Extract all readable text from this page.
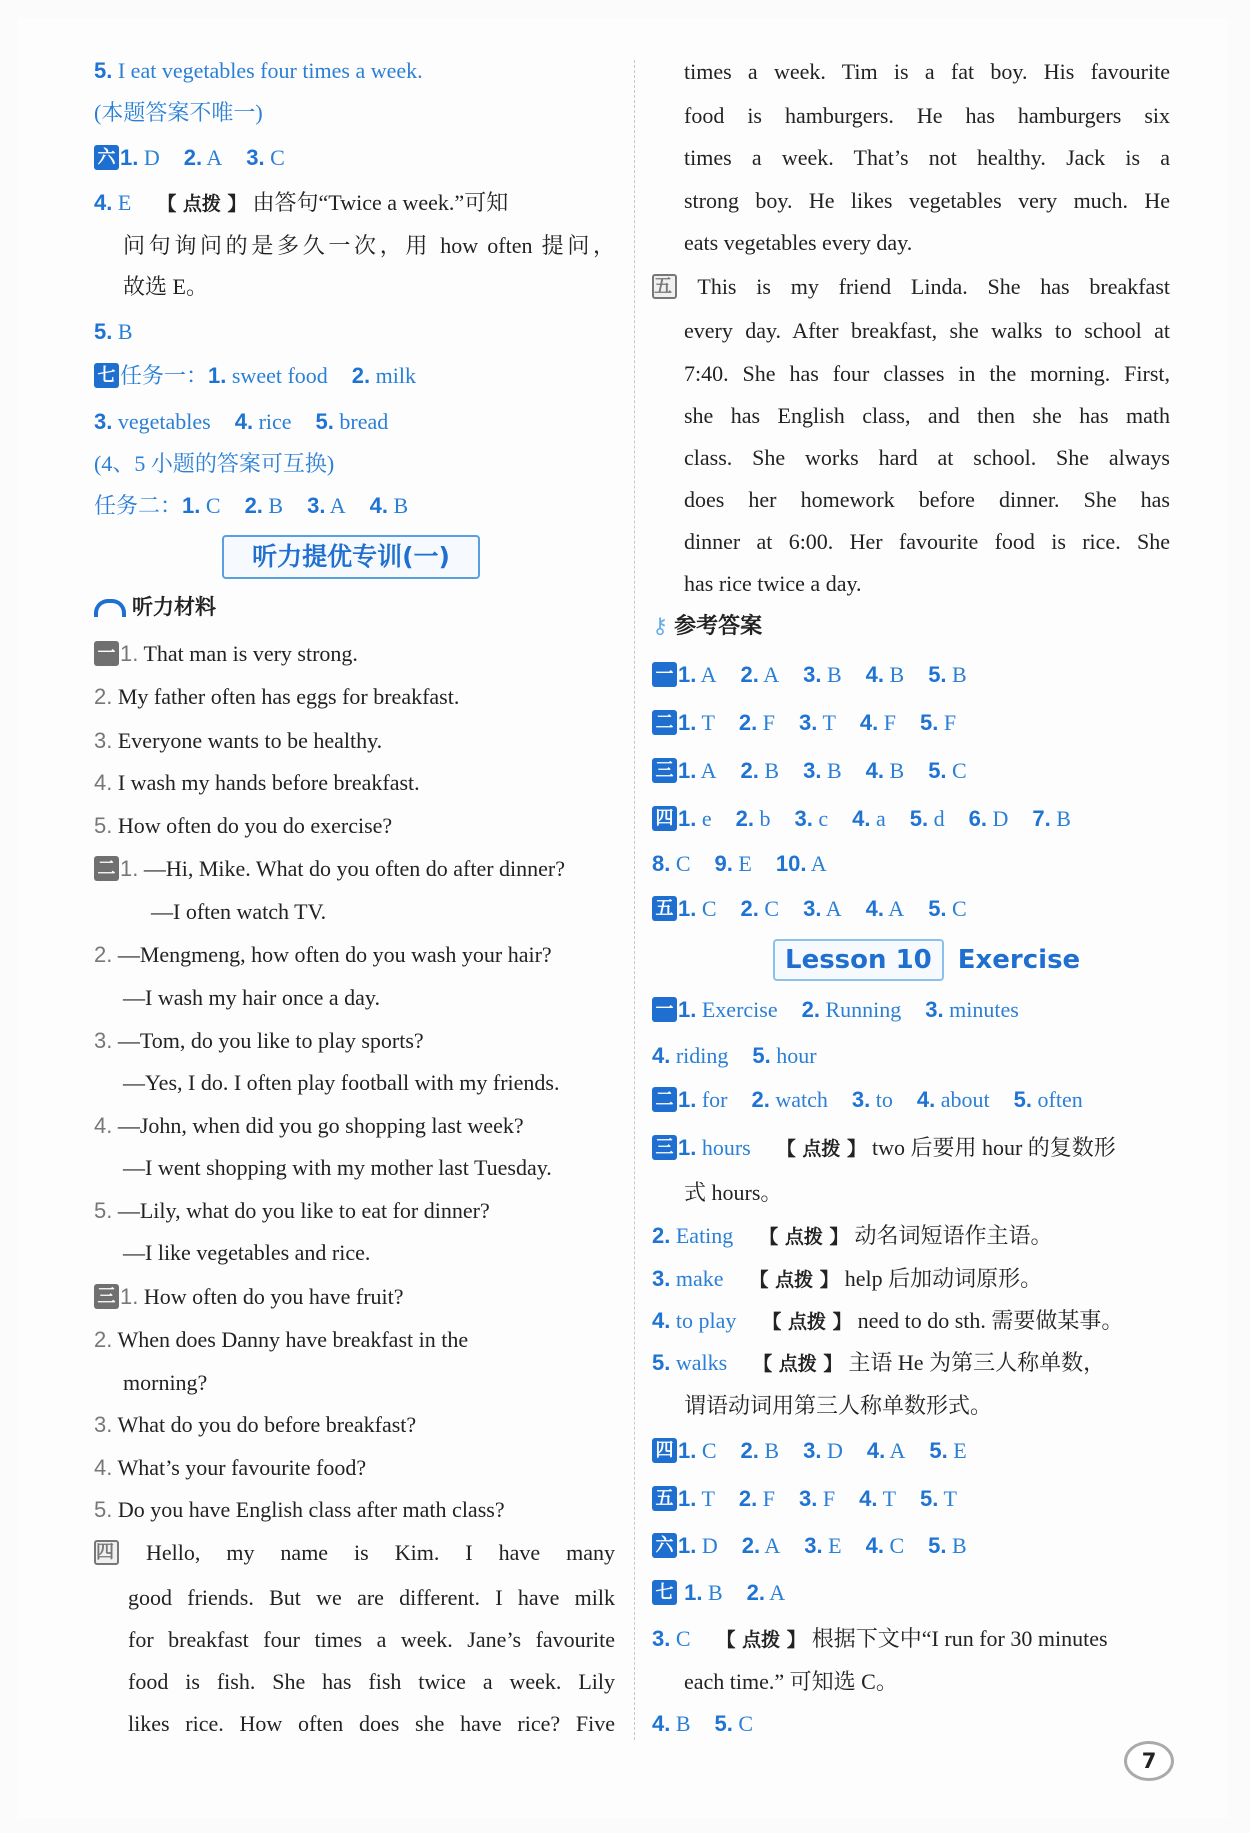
5. I eat vegetables four times a week.
(本题答案不唯一)
六 1. D 2. A 3. C
4. E 【 点拨 】 由答句“Twice a week.”可知
问句询问的是多久一次，用 how often 提问，
故选 E。
5. B
七 任务一：1. sweet food 2. milk
3. vegetables 4. rice 5. bread
(4、5 小题的答案可互换)
任务二：1. C 2. B 3. A 4. B
一 1. That man is very strong.
2. My father often has eggs for breakfast.
3. Everyone wants to be healthy.
4. I wash my hands before breakfast.
5. How often do you do exercise?
二 1. —Hi, Mike. What do you often do after dinner?
—I often watch TV.
2. —Mengmeng, how often do you wash your hair?
—I wash my hair once a day.
3. —Tom, do you like to play sports?
—Yes, I do. I often play football with my friends.
4. —John, when did you go shopping last week?
—I went shopping with my mother last Tuesday.
5. —Lily, what do you like to eat for dinner?
—I like vegetables and rice.
三 1. How often do you have fruit?
2. When does Danny have breakfast in the
morning?
3. What do you do before breakfast?
4. What’s your favourite food?
5. Do you have English class after math class?
四 Hello, my name is Kim. I have many
good friends. But we are different. I have milk
for breakfast four times a week. Jane’s favourite
food is fish. She has fish twice a week. Lily
likes rice. How often does she have rice? Five
times a week. Tim is a fat boy. His favourite
food is hamburgers. He has hamburgers six
times a week. That’s not healthy. Jack is a
strong boy. He likes vegetables very much. He
eats vegetables every day.
五 This is my friend Linda. She has breakfast
every day. After breakfast, she walks to school at
7:40. She has four classes in the morning. First,
she has English class, and then she has math
class. She works hard at school. She always
does her homework before dinner. She has
dinner at 6:00. Her favourite food is rice. She
has rice twice a day.
一 1. A 2. A 3. B 4. B 5. B
二 1. T 2. F 3. T 4. F 5. F
三 1. A 2. B 3. B 4. B 5. C
四 1. e 2. b 3. c 4. a 5. d 6. D 7. B
8. C 9. E 10. A
五 1. C 2. C 3. A 4. A 5. C
一 1. Exercise 2. Running 3. minutes
4. riding 5. hour
二 1. for 2. watch 3. to 4. about 5. often
三 1. hours 【 点拨 】 two 后要用 hour 的复数形
式 hours。
2. Eating 【 点拨 】 动名词短语作主语。
3. make 【 点拨 】 help 后加动词原形。
4. to play 【 点拨 】 need to do sth. 需要做某事。
5. walks 【 点拨 】 主语 He 为第三人称单数，
谓语动词用第三人称单数形式。
四 1. C 2. B 3. D 4. A 5. E
五 1. T 2. F 3. F 4. T 5. T
六 1. D 2. A 3. E 4. C 5. B
七 1. B 2. A
3. C 【 点拨 】 根据下文中“I run for 30 minutes
each time.” 可知选 C。
4. B 5. C
听力提优专训(一)
听力材料
⚷ 参考答案
Lesson 10 Exercise
7
